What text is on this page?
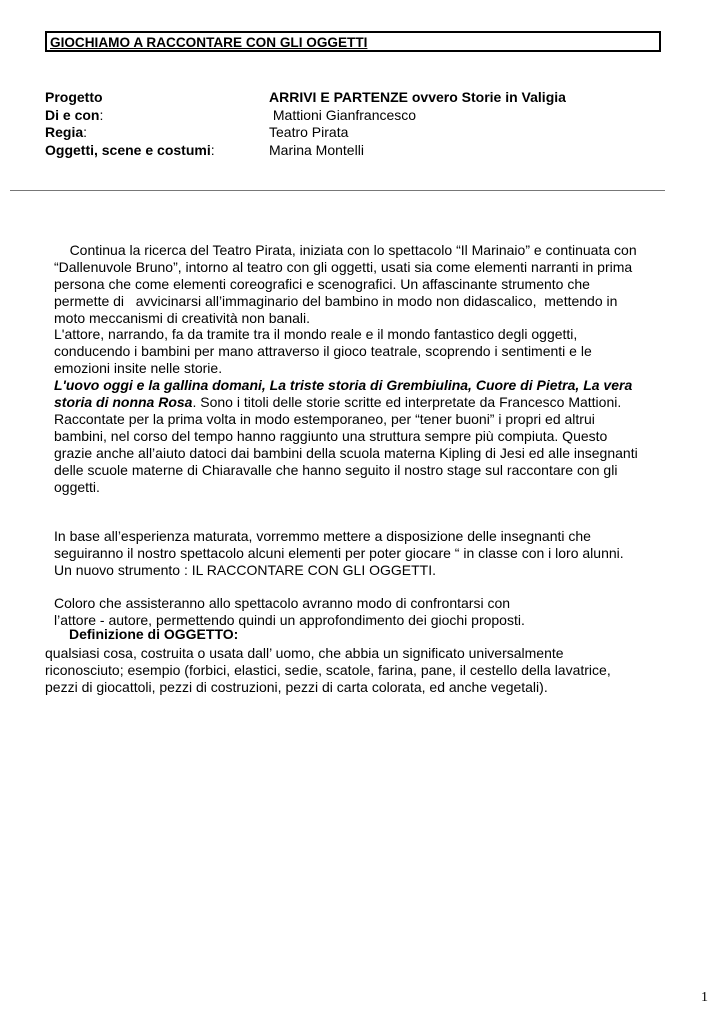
GIOCHIAMO A RACCONTARE CON GLI OGGETTI
Progetto	ARRIVI E PARTENZE ovvero Storie in Valigia
Di e con:	Mattioni Gianfrancesco
Regia:	Teatro Pirata
Oggetti, scene e costumi:	Marina Montelli

Continua la ricerca del Teatro Pirata, iniziata con lo spettacolo “Il Marinaio” e continuata con
“Dallenuvole Bruno”, intorno al teatro con gli oggetti, usati sia come elementi narranti in prima
persona che come elementi coreografici e scenografici. Un affascinante strumento che
permette di   avvicinarsi all’immaginario del bambino in modo non didascalico,  mettendo in
moto meccanismi di creatività non banali.
L'attore, narrando, fa da tramite tra il mondo reale e il mondo fantastico degli oggetti,
conducendo i bambini per mano attraverso il gioco teatrale, scoprendo i sentimenti e le
emozioni insite nelle storie.
L'uovo oggi e la gallina domani, La triste storia di Grembiulina, Cuore di Pietra, La vera
storia di nonna Rosa. Sono i titoli delle storie scritte ed interpretate da Francesco Mattioni.
Raccontate per la prima volta in modo estemporaneo, per “tener buoni” i propri ed altrui
bambini, nel corso del tempo hanno raggiunto una struttura sempre più compiuta. Questo
grazie anche all’aiuto datoci dai bambini della scuola materna Kipling di Jesi ed alle insegnanti
delle scuole materne di Chiaravalle che hanno seguito il nostro stage sul raccontare con gli
oggetti.

In base all’esperienza maturata, vorremmo mettere a disposizione delle insegnanti che
seguiranno il nostro spettacolo alcuni elementi per poter giocare “ in classe con i loro alunni.
Un nuovo strumento : IL RACCONTARE CON GLI OGGETTI.

Coloro che assisteranno allo spettacolo avranno modo di confrontarsi con
l’attore - autore, permettendo quindi un approfondimento dei giochi proposti.

Definizione di OGGETTO:
qualsiasi cosa, costruita o usata dall’ uomo, che abbia un significato universalmente
riconosciuto; esempio (forbici, elastici, sedie, scatole, farina, pane, il cestello della lavatrice,
pezzi di giocattoli, pezzi di costruzioni, pezzi di carta colorata, ed anche vegetali).
1
